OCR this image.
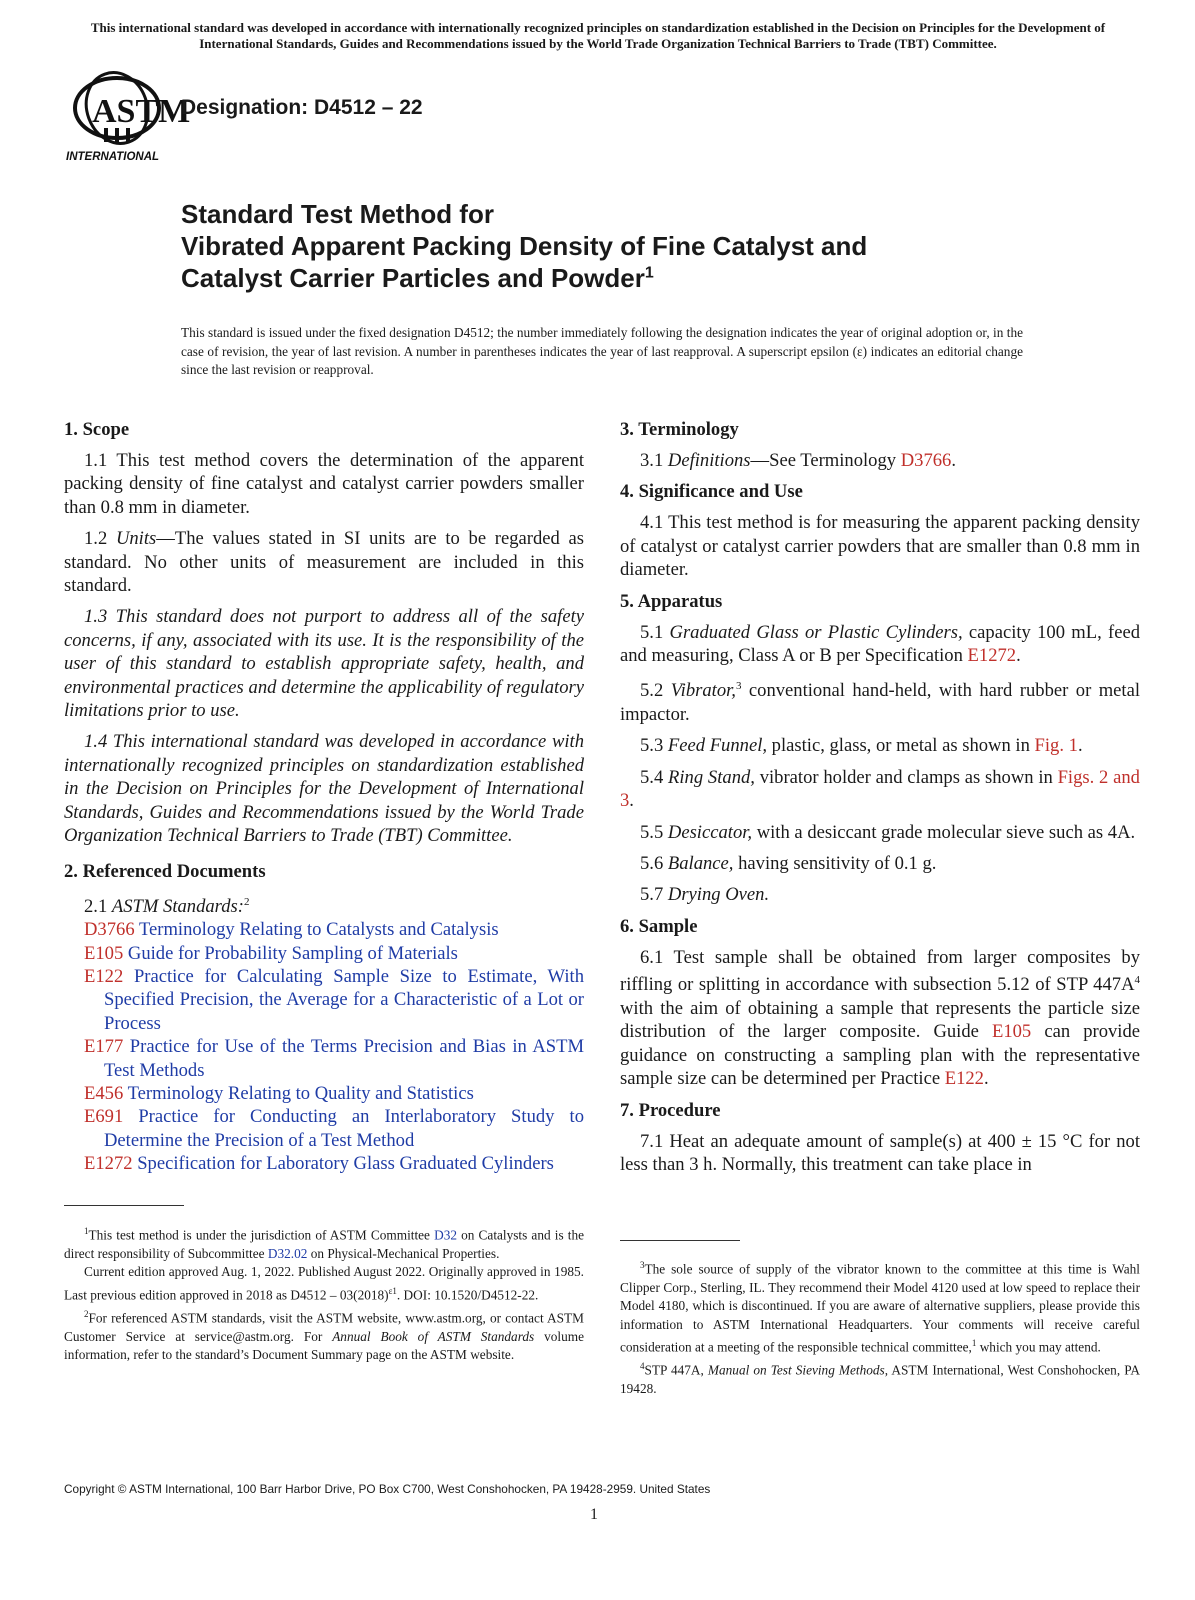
This international standard was developed in accordance with internationally recognized principles on standardization established in the Decision on Principles for the Development of International Standards, Guides and Recommendations issued by the World Trade Organization Technical Barriers to Trade (TBT) Committee.
ASTM
INTERNATIONAL
Designation: D4512 – 22
Standard Test Method for
Vibrated Apparent Packing Density of Fine Catalyst and
Catalyst Carrier Particles and Powder$^1$
This standard is issued under the fixed designation D4512; the number immediately following the designation indicates the year of original adoption or, in the case of revision, the year of last revision. A number in parentheses indicates the year of last reapproval. A superscript epsilon (ε) indicates an editorial change since the last revision or reapproval.
1. Scope

1.1 This test method covers the determination of the apparent packing density of fine catalyst and catalyst carrier powders smaller than 0.8 mm in diameter.

1.2 Units—The values stated in SI units are to be regarded as standard. No other units of measurement are included in this standard.

1.3 This standard does not purport to address all of the safety concerns, if any, associated with its use. It is the responsibility of the user of this standard to establish appropriate safety, health, and environmental practices and determine the applicability of regulatory limitations prior to use.

1.4 This international standard was developed in accordance with internationally recognized principles on standardization established in the Decision on Principles for the Development of International Standards, Guides and Recommendations issued by the World Trade Organization Technical Barriers to Trade (TBT) Committee.

2. Referenced Documents

2.1 ASTM Standards:$^2$

D3766 Terminology Relating to Catalysts and Catalysis
E105 Guide for Probability Sampling of Materials
E122 Practice for Calculating Sample Size to Estimate, With Specified Precision, the Average for a Characteristic of a Lot or Process
E177 Practice for Use of the Terms Precision and Bias in ASTM Test Methods
E456 Terminology Relating to Quality and Statistics
E691 Practice for Conducting an Interlaboratory Study to Determine the Precision of a Test Method
E1272 Specification for Laboratory Glass Graduated Cylinders
3. Terminology

3.1 Definitions—See Terminology D3766.

4. Significance and Use

4.1 This test method is for measuring the apparent packing density of catalyst or catalyst carrier powders that are smaller than 0.8 mm in diameter.

5. Apparatus

5.1 Graduated Glass or Plastic Cylinders, capacity 100 mL, feed and measuring, Class A or B per Specification E1272.

5.2 Vibrator,$^3$ conventional hand-held, with hard rubber or metal impactor.

5.3 Feed Funnel, plastic, glass, or metal as shown in Fig. 1.

5.4 Ring Stand, vibrator holder and clamps as shown in Figs. 2 and 3.

5.5 Desiccator, with a desiccant grade molecular sieve such as 4A.

5.6 Balance, having sensitivity of 0.1 g.

5.7 Drying Oven.

6. Sample

6.1 Test sample shall be obtained from larger composites by riffling or splitting in accordance with subsection 5.12 of STP $447A^4$ with the aim of obtaining a sample that represents the particle size distribution of the larger composite. Guide E105 can provide guidance on constructing a sampling plan with the representative sample size can be determined per Practice E122.

7. Procedure

7.1 Heat an adequate amount of sample(s) at 400 ± 15 °C for not less than 3 h. Normally, this treatment can take place in

$^1$This test method is under the jurisdiction of ASTM Committee D32 on Catalysts and is the direct responsibility of Subcommittee D32.02 on Physical-Mechanical Properties.

Current edition approved Aug. 1, 2022. Published August 2022. Originally approved in 1985. Last previous edition approved in 2018 as $D4512 - 03(2018)^{\varepsilon 1}$. DOI: 10.1520/D4512-22.

$^2$For referenced ASTM standards, visit the ASTM website, www.astm.org, or contact ASTM Customer Service at service@astm.org. For Annual Book of ASTM Standards volume information, refer to the standard’s Document Summary page on the ASTM website.

$^3$The sole source of supply of the vibrator known to the committee at this time is Wahl Clipper Corp., Sterling, IL. They recommend their Model 4120 used at low speed to replace their Model 4180, which is discontinued. If you are aware of alternative suppliers, please provide this information to ASTM International Headquarters. Your comments will receive careful consideration at a meeting of the responsible technical committee,$^1$ which you may attend.

$^4$STP 447A, Manual on Test Sieving Methods, ASTM International, West Conshohocken, PA 19428.

Copyright © ASTM International, 100 Barr Harbor Drive, PO Box C700, West Conshohocken, PA 19428-2959. United States
1
